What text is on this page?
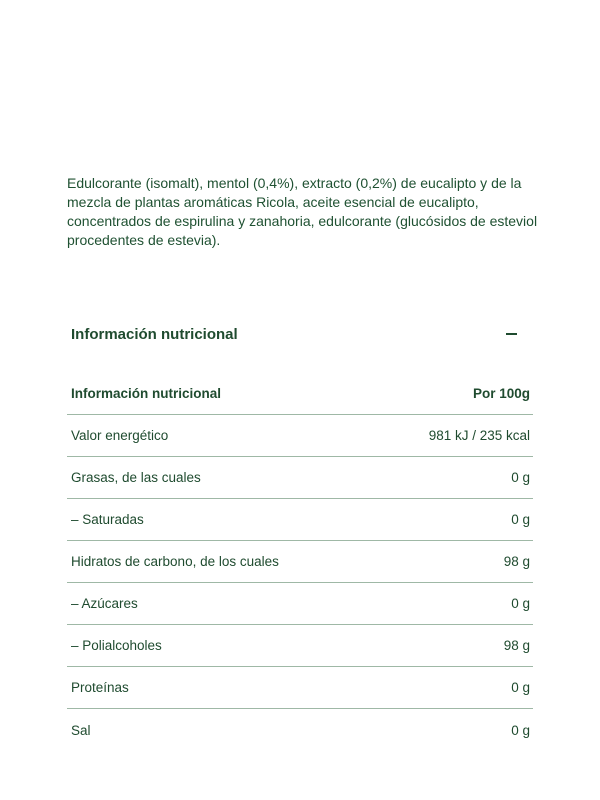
Edulcorante (isomalt), mentol (0,4%), extracto (0,2%) de eucalipto y de la mezcla de plantas aromáticas Ricola, aceite esencial de eucalipto, concentrados de espirulina y zanahoria, edulcorante (glucósidos de esteviol procedentes de estevia).

Información nutricional
Información nutricional	Por 100g
Valor energético	981 kJ / 235 kcal
Grasas, de las cuales	0 g
– Saturadas	0 g
Hidratos de carbono, de los cuales	98 g
– Azúcares	0 g
– Polialcoholes	98 g
Proteínas	0 g
Sal	0 g
